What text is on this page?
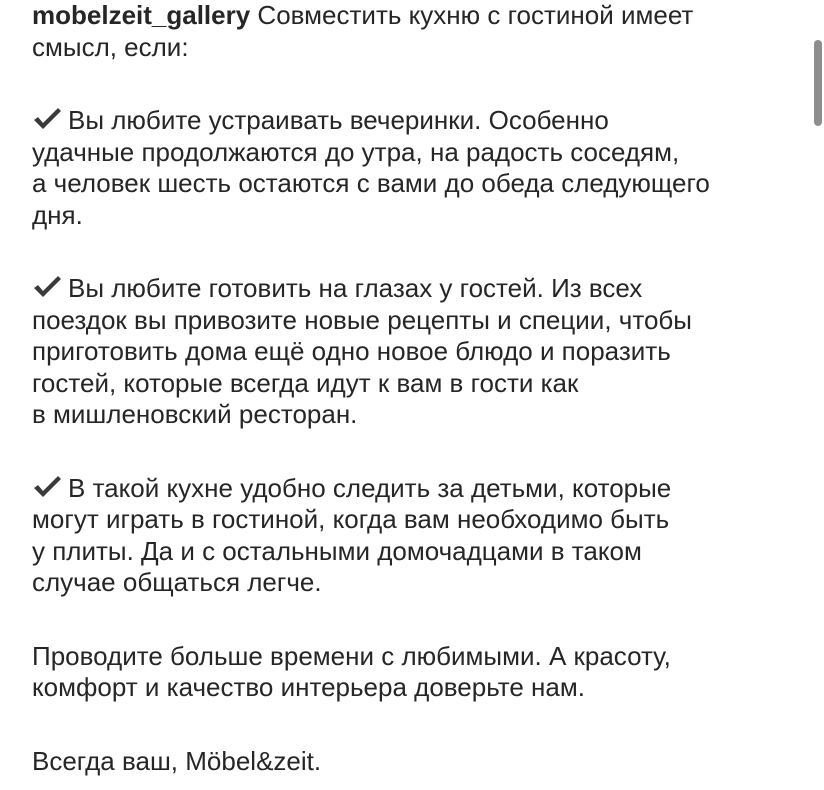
mobelzeit_gallery Совместить кухню с гостиной имеет
смысл, если:

Вы любите устраивать вечеринки. Особенно
удачные продолжаются до утра, на радость соседям,
а человек шесть остаются с вами до обеда следующего
дня.

Вы любите готовить на глазах у гостей. Из всех
поездок вы привозите новые рецепты и специи, чтобы
приготовить дома ещё одно новое блюдо и поразить
гостей, которые всегда идут к вам в гости как
в мишленовский ресторан.

В такой кухне удобно следить за детьми, которые
могут играть в гостиной, когда вам необходимо быть
у плиты. Да и с остальными домочадцами в таком
случае общаться легче.

Проводите больше времени с любимыми. А красоту,
комфорт и качество интерьера доверьте нам.

Всегда ваш, Möbel&zeit.
